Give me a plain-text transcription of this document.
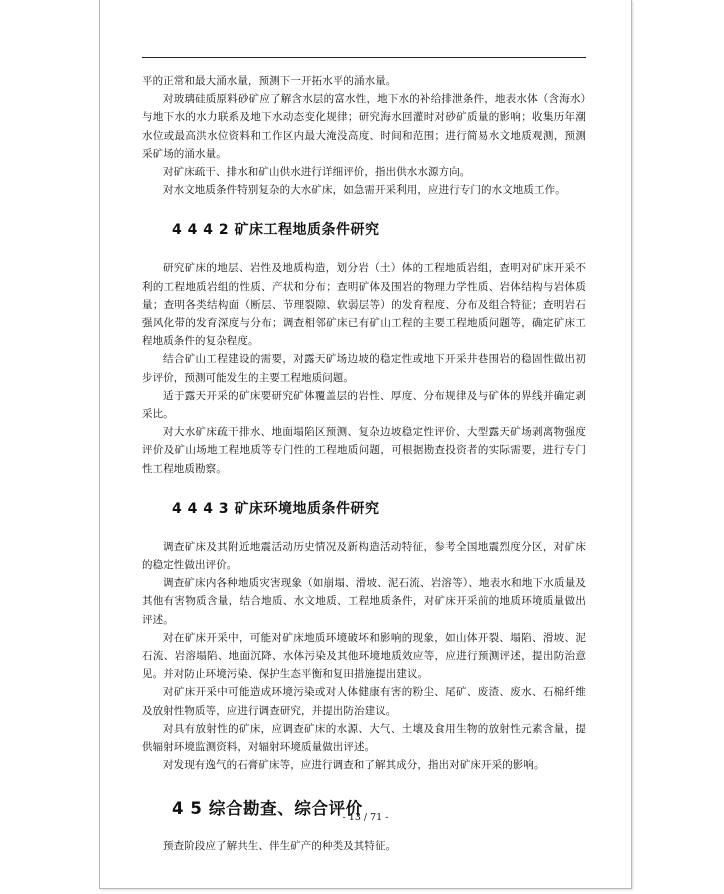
平的正常和最大涌水量，预测下一开拓水平的涌水量。

对玻璃硅质原料砂矿应了解含水层的富水性，地下水的补给排泄条件，地表水体（含海水）与地下水的水力联系及地下水动态变化规律；研究海水回灌时对砂矿质量的影响；收集历年潮水位或最高洪水位资料和工作区内最大淹没高度、时间和范围；进行简易水文地质观测，预测采矿场的涌水量。

对矿床疏干、排水和矿山供水进行详细评价，指出供水水源方向。

对水文地质条件特别复杂的大水矿床，如急需开采利用，应进行专门的水文地质工作。

4 4 4 2 矿床工程地质条件研究

研究矿床的地层、岩性及地质构造，划分岩（土）体的工程地质岩组，查明对矿床开采不利的工程地质岩组的性质、产状和分布；查明矿体及围岩的物理力学性质、岩体结构与岩体质量；查明各类结构面（断层、节理裂隙、软弱层等）的发育程度、分布及组合特征；查明岩石强风化带的发育深度与分布；调查相邻矿床已有矿山工程的主要工程地质问题等，确定矿床工程地质条件的复杂程度。

结合矿山工程建设的需要，对露天矿场边坡的稳定性或地下开采井巷围岩的稳固性做出初步评价，预测可能发生的主要工程地质问题。

适于露天开采的矿床要研究矿体覆盖层的岩性、厚度、分布规律及与矿体的界线并确定剥采比。

对大水矿床疏干排水、地面塌陷区预测、复杂边坡稳定性评价、大型露天矿场剥离物强度评价及矿山场地工程地质等专门性的工程地质问题，可根据勘查投资者的实际需要，进行专门性工程地质勘察。

4 4 4 3 矿床环境地质条件研究

调查矿床及其附近地震活动历史情况及新构造活动特征，参考全国地震烈度分区，对矿床的稳定性做出评价。

调查矿床内各种地质灾害现象（如崩塌、滑坡、泥石流、岩溶等）、地表水和地下水质量及其他有害物质含量，结合地质、水文地质、工程地质条件，对矿床开采前的地质环境质量做出评述。

对在矿床开采中，可能对矿床地质环境破坏和影响的现象，如山体开裂、塌陷、滑坡、泥石流、岩溶塌陷、地面沉降、水体污染及其他环境地质效应等，应进行预测评述，提出防治意见。并对防止环境污染、保护生态平衡和复田措施提出建议。

对矿床开采中可能造成环境污染或对人体健康有害的粉尘、尾矿、废渣、废水、石棉纤维及放射性物质等，应进行调查研究，并提出防治建议。

对具有放射性的矿床，应调查矿床的水源、大气、土壤及食用生物的放射性元素含量，提供辐射环境监测资料，对辐射环境质量做出评述。

对发现有逸气的石膏矿床等，应进行调查和了解其成分，指出对矿床开采的影响。

4 5 综合勘查、综合评价

预查阶段应了解共生、伴生矿产的种类及其特征。

- 13 / 71 -
